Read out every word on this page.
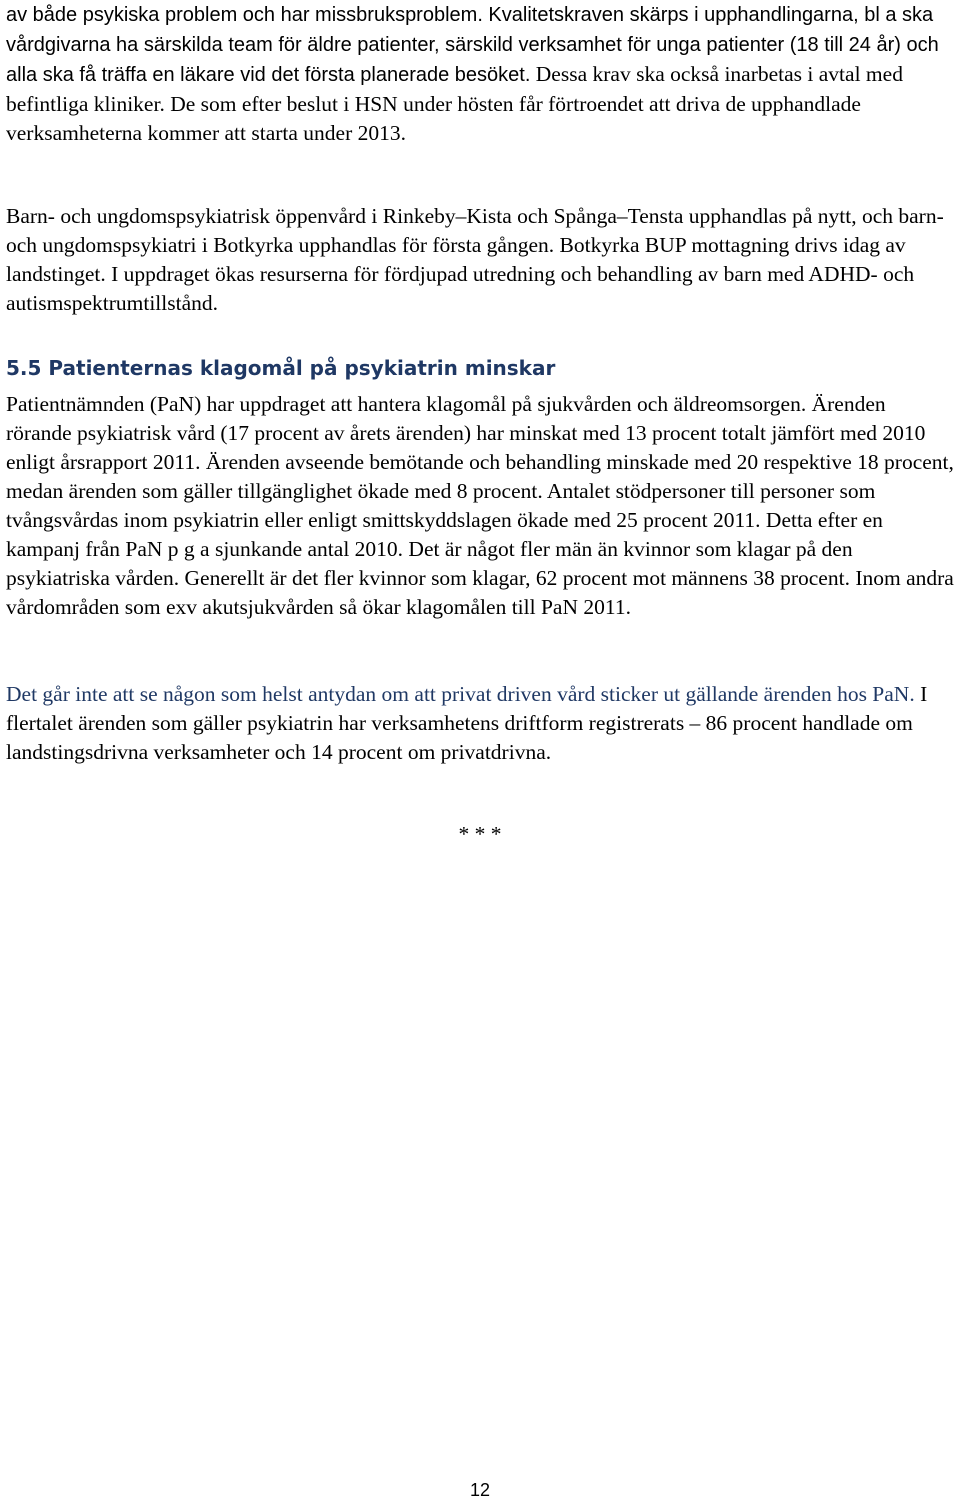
av både psykiska problem och har missbruksproblem. Kvalitetskraven skärps i upphandlingarna, bl a ska vårdgivarna ha särskilda team för äldre patienter, särskild verksamhet för unga patienter (18 till 24 år) och alla ska få träffa en läkare vid det första planerade besöket. Dessa krav ska också inarbetas i avtal med befintliga kliniker. De som efter beslut i HSN under hösten får förtroendet att driva de upphandlade verksamheterna kommer att starta under 2013.

Barn- och ungdomspsykiatrisk öppenvård i Rinkeby–Kista och Spånga–Tensta upphandlas på nytt, och barn- och ungdomspsykiatri i Botkyrka upphandlas för första gången. Botkyrka BUP mottagning drivs idag av landstinget. I uppdraget ökas resurserna för fördjupad utredning och behandling av barn med ADHD- och autismspektrumtillstånd.

5.5 Patienternas klagomål på psykiatrin minskar

Patientnämnden (PaN) har uppdraget att hantera klagomål på sjukvården och äldreomsorgen. Ärenden rörande psykiatrisk vård (17 procent av årets ärenden) har minskat med 13 procent totalt jämfört med 2010 enligt årsrapport 2011. Ärenden avseende bemötande och behandling minskade med 20 respektive 18 procent, medan ärenden som gäller tillgänglighet ökade med 8 procent. Antalet stödpersoner till personer som tvångsvårdas inom psykiatrin eller enligt smittskyddslagen ökade med 25 procent 2011. Detta efter en kampanj från PaN p g a sjunkande antal 2010. Det är något fler män än kvinnor som klagar på den psykiatriska vården. Generellt är det fler kvinnor som klagar, 62 procent mot männens 38 procent. Inom andra vårdområden som exv akutsjukvården så ökar klagomålen till PaN 2011.

Det går inte att se någon som helst antydan om att privat driven vård sticker ut gällande ärenden hos PaN. I flertalet ärenden som gäller psykiatrin har verksamhetens driftform registrerats – 86 procent handlade om landstingsdrivna verksamheter och 14 procent om privatdrivna.

* * *
12
